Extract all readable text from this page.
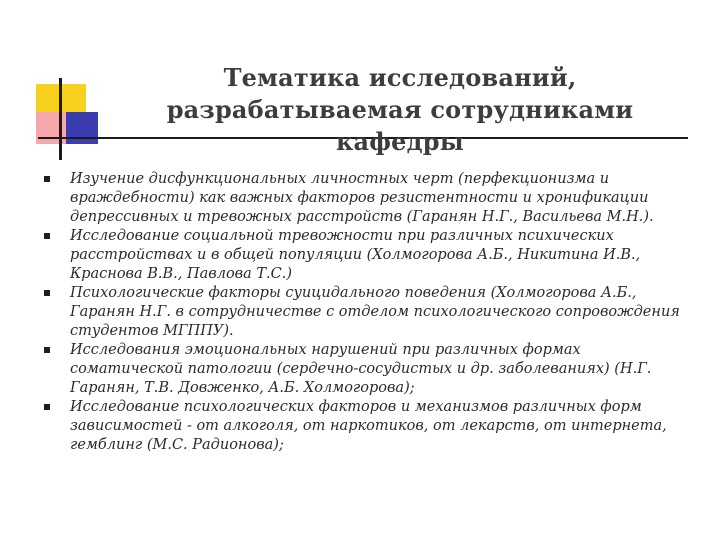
Тематика исследований, разрабатываемая сотрудниками кафедры
Изучение дисфункциональных личностных черт (перфекционизма и враждебности) как важных факторов резистентности и хронификации депрессивных и тревожных расстройств (Гаранян Н.Г., Васильева М.Н.).
Исследование социальной тревожности при различных психических расстройствах и в общей популяции (Холмогорова А.Б., Никитина И.В., Краснова В.В., Павлова Т.С.)
Психологические факторы суицидального поведения (Холмогорова А.Б., Гаранян Н.Г. в сотрудничестве с отделом психологического сопровождения студентов МГППУ).
Исследования эмоциональных нарушений при различных формах соматической патологии (сердечно-сосудистых и др. заболеваниях) (Н.Г. Гаранян, Т.В. Довженко, А.Б. Холмогорова);
Исследование психологических факторов и механизмов различных форм зависимостей - от алкоголя, от наркотиков, от лекарств, от интернета, гемблинг (М.С. Радионова);
